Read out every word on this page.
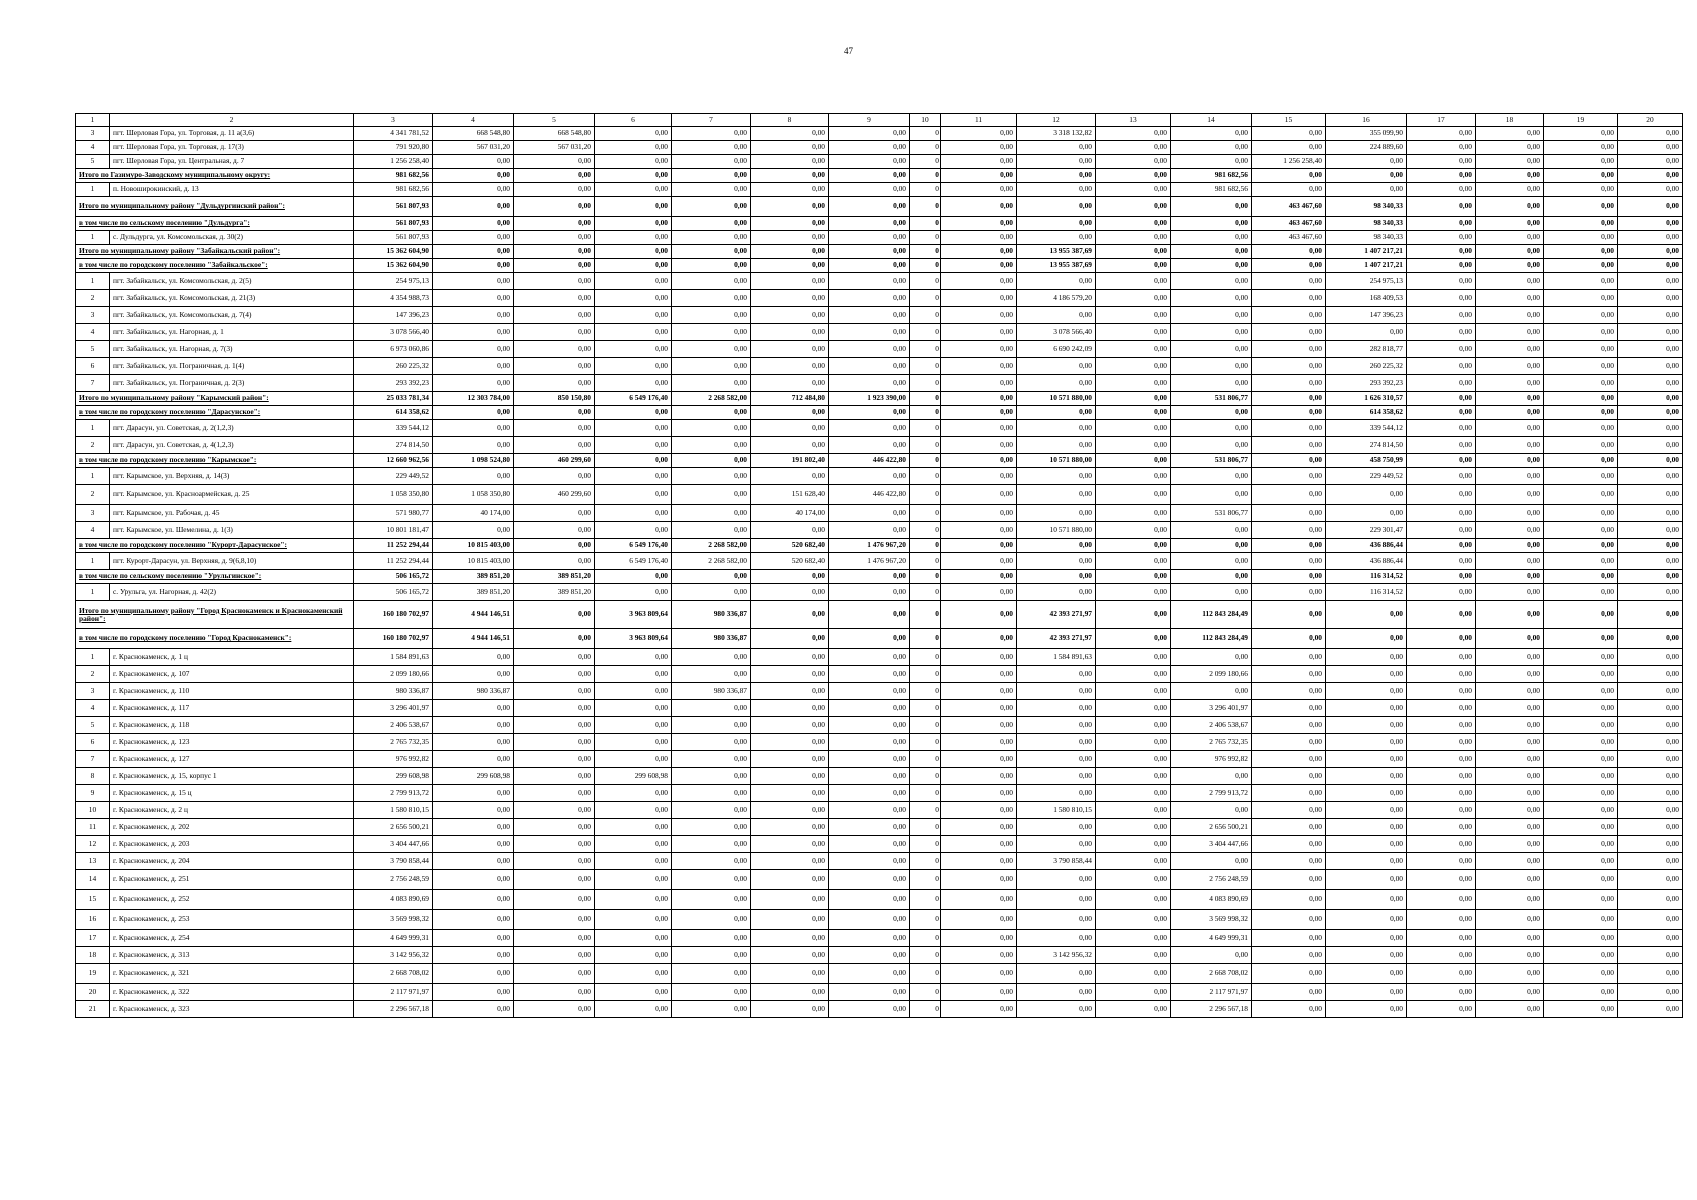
47
1	2	3	4	5	6	7	8	9	10	11	12	13	14	15	16	17	18	19	20
3	пгт. Шерловая Гора, ул. Торговая, д. 11 а(3,6)	4 341 781,52	668 548,80	668 548,80	0,00	0,00	0,00	0,00	0	0,00	3 318 132,82	0,00	0,00	0,00	355 099,90	0,00	0,00	0,00	0,00
4	пгт. Шерловая Гора, ул. Торговая, д. 17(3)	791 920,80	567 031,20	567 031,20	0,00	0,00	0,00	0,00	0	0,00	0,00	0,00	0,00	0,00	224 889,60	0,00	0,00	0,00	0,00
5	пгт. Шерловая Гора, ул. Центральная, д. 7	1 256 258,40	0,00	0,00	0,00	0,00	0,00	0,00	0	0,00	0,00	0,00	0,00	1 256 258,40	0,00	0,00	0,00	0,00	0,00
Итого по Газимуро-Заводскому муниципальному округу:		981 682,56	0,00	0,00	0,00	0,00	0,00	0,00	0	0,00	0,00	0,00	981 682,56	0,00	0,00	0,00	0,00	0,00	0,00
1	п. Новоширокинский, д. 13	981 682,56	0,00	0,00	0,00	0,00	0,00	0,00	0	0,00	0,00	0,00	981 682,56	0,00	0,00	0,00	0,00	0,00	0,00
Итого по муниципальному району "Дульдургинский район":		561 807,93	0,00	0,00	0,00	0,00	0,00	0,00	0	0,00	0,00	0,00	0,00	463 467,60	98 340,33	0,00	0,00	0,00	0,00
в том числе по сельскому поселению "Дульдурга":		561 807,93	0,00	0,00	0,00	0,00	0,00	0,00	0	0,00	0,00	0,00	0,00	463 467,60	98 340,33	0,00	0,00	0,00	0,00
1	с. Дульдурга, ул. Комсомольская, д. 30(2)	561 807,93	0,00	0,00	0,00	0,00	0,00	0,00	0	0,00	0,00	0,00	0,00	463 467,60	98 340,33	0,00	0,00	0,00	0,00
Итого по муниципальному району "Забайкальский район":		15 362 604,90	0,00	0,00	0,00	0,00	0,00	0,00	0	0,00	13 955 387,69	0,00	0,00	0,00	1 407 217,21	0,00	0,00	0,00	0,00
в том числе по городскому поселению "Забайкальское":		15 362 604,90	0,00	0,00	0,00	0,00	0,00	0,00	0	0,00	13 955 387,69	0,00	0,00	0,00	1 407 217,21	0,00	0,00	0,00	0,00
1	пгт. Забайкальск, ул. Комсомольская, д. 2(5)	254 975,13	0,00	0,00	0,00	0,00	0,00	0,00	0	0,00	0,00	0,00	0,00	0,00	254 975,13	0,00	0,00	0,00	0,00
2	пгт. Забайкальск, ул. Комсомольская, д. 21(3)	4 354 988,73	0,00	0,00	0,00	0,00	0,00	0,00	0	0,00	4 186 579,20	0,00	0,00	0,00	168 409,53	0,00	0,00	0,00	0,00
3	пгт. Забайкальск, ул. Комсомольская, д. 7(4)	147 396,23	0,00	0,00	0,00	0,00	0,00	0,00	0	0,00	0,00	0,00	0,00	0,00	147 396,23	0,00	0,00	0,00	0,00
4	пгт. Забайкальск, ул. Нагорная, д. 1	3 078 566,40	0,00	0,00	0,00	0,00	0,00	0,00	0	0,00	3 078 566,40	0,00	0,00	0,00	0,00	0,00	0,00	0,00	0,00
5	пгт. Забайкальск, ул. Нагорная, д. 7(3)	6 973 060,86	0,00	0,00	0,00	0,00	0,00	0,00	0	0,00	6 690 242,09	0,00	0,00	0,00	282 818,77	0,00	0,00	0,00	0,00
6	пгт. Забайкальск, ул. Пограничная, д. 1(4)	260 225,32	0,00	0,00	0,00	0,00	0,00	0,00	0	0,00	0,00	0,00	0,00	0,00	260 225,32	0,00	0,00	0,00	0,00
7	пгт. Забайкальск, ул. Пограничная, д. 2(3)	293 392,23	0,00	0,00	0,00	0,00	0,00	0,00	0	0,00	0,00	0,00	0,00	0,00	293 392,23	0,00	0,00	0,00	0,00
Итого по муниципальному району "Карымский район":		25 033 781,34	12 303 784,00	850 150,80	6 549 176,40	2 268 582,00	712 484,80	1 923 390,00	0	0,00	10 571 880,00	0,00	531 806,77	0,00	1 626 310,57	0,00	0,00	0,00	0,00
в том числе по городскому поселению "Дарасунское":		614 358,62	0,00	0,00	0,00	0,00	0,00	0,00	0	0,00	0,00	0,00	0,00	0,00	614 358,62	0,00	0,00	0,00	0,00
1	пгт. Дарасун, ул. Советская, д. 2(1,2,3)	339 544,12	0,00	0,00	0,00	0,00	0,00	0,00	0	0,00	0,00	0,00	0,00	0,00	339 544,12	0,00	0,00	0,00	0,00
2	пгт. Дарасун, ул. Советская, д. 4(1,2,3)	274 814,50	0,00	0,00	0,00	0,00	0,00	0,00	0	0,00	0,00	0,00	0,00	0,00	274 814,50	0,00	0,00	0,00	0,00
в том числе по городскому поселению "Карымское":		12 660 962,56	1 098 524,80	460 299,60	0,00	0,00	191 802,40	446 422,80	0	0,00	10 571 880,00	0,00	531 806,77	0,00	458 750,99	0,00	0,00	0,00	0,00
1	пгт. Карымское, ул. Верхняя, д. 14(3)	229 449,52	0,00	0,00	0,00	0,00	0,00	0,00	0	0,00	0,00	0,00	0,00	0,00	229 449,52	0,00	0,00	0,00	0,00
2	пгт. Карымское, ул. Красноармейская, д. 25	1 058 350,80	1 058 350,80	460 299,60	0,00	0,00	151 628,40	446 422,80	0	0,00	0,00	0,00	0,00	0,00	0,00	0,00	0,00	0,00	0,00
3	пгт. Карымское, ул. Рабочая, д. 45	571 980,77	40 174,00	0,00	0,00	0,00	40 174,00	0,00	0	0,00	0,00	0,00	531 806,77	0,00	0,00	0,00	0,00	0,00	0,00
4	пгт. Карымское, ул. Шемелина, д. 1(3)	10 801 181,47	0,00	0,00	0,00	0,00	0,00	0,00	0	0,00	10 571 880,00	0,00	0,00	0,00	229 301,47	0,00	0,00	0,00	0,00
в том числе по городскому поселению "Курорт-Дарасунское":		11 252 294,44	10 815 403,00	0,00	6 549 176,40	2 268 582,00	520 682,40	1 476 967,20	0	0,00	0,00	0,00	0,00	0,00	436 886,44	0,00	0,00	0,00	0,00
1	пгт. Курорт-Дарасун, ул. Верхняя, д. 9(6,8,10)	11 252 294,44	10 815 403,00	0,00	6 549 176,40	2 268 582,00	520 682,40	1 476 967,20	0	0,00	0,00	0,00	0,00	0,00	436 886,44	0,00	0,00	0,00	0,00
в том числе по сельскому поселению "Урульгинское":		506 165,72	389 851,20	389 851,20	0,00	0,00	0,00	0,00	0	0,00	0,00	0,00	0,00	0,00	116 314,52	0,00	0,00	0,00	0,00
1	с. Урульга, ул. Нагорная, д. 42(2)	506 165,72	389 851,20	389 851,20	0,00	0,00	0,00	0,00	0	0,00	0,00	0,00	0,00	0,00	116 314,52	0,00	0,00	0,00	0,00
Итого по муниципальному району "Город Краснокаменск и Краснокаменский район":		160 180 702,97	4 944 146,51	0,00	3 963 809,64	980 336,87	0,00	0,00	0	0,00	42 393 271,97	0,00	112 843 284,49	0,00	0,00	0,00	0,00	0,00	0,00
в том числе по городскому поселению "Город Краснокаменск":		160 180 702,97	4 944 146,51	0,00	3 963 809,64	980 336,87	0,00	0,00	0	0,00	42 393 271,97	0,00	112 843 284,49	0,00	0,00	0,00	0,00	0,00	0,00
1	г. Краснокаменск, д. 1 ц	1 584 891,63	0,00	0,00	0,00	0,00	0,00	0,00	0	0,00	1 584 891,63	0,00	0,00	0,00	0,00	0,00	0,00	0,00	0,00
2	г. Краснокаменск, д. 107	2 099 180,66	0,00	0,00	0,00	0,00	0,00	0,00	0	0,00	0,00	0,00	2 099 180,66	0,00	0,00	0,00	0,00	0,00	0,00
3	г. Краснокаменск, д. 110	980 336,87	980 336,87	0,00	0,00	980 336,87	0,00	0,00	0	0,00	0,00	0,00	0,00	0,00	0,00	0,00	0,00	0,00	0,00
4	г. Краснокаменск, д. 117	3 296 401,97	0,00	0,00	0,00	0,00	0,00	0,00	0	0,00	0,00	0,00	3 296 401,97	0,00	0,00	0,00	0,00	0,00	0,00
5	г. Краснокаменск, д. 118	2 406 538,67	0,00	0,00	0,00	0,00	0,00	0,00	0	0,00	0,00	0,00	2 406 538,67	0,00	0,00	0,00	0,00	0,00	0,00
6	г. Краснокаменск, д. 123	2 765 732,35	0,00	0,00	0,00	0,00	0,00	0,00	0	0,00	0,00	0,00	2 765 732,35	0,00	0,00	0,00	0,00	0,00	0,00
7	г. Краснокаменск, д. 127	976 992,82	0,00	0,00	0,00	0,00	0,00	0,00	0	0,00	0,00	0,00	976 992,82	0,00	0,00	0,00	0,00	0,00	0,00
8	г. Краснокаменск, д. 15, корпус 1	299 608,98	299 608,98	0,00	299 608,98	0,00	0,00	0,00	0	0,00	0,00	0,00	0,00	0,00	0,00	0,00	0,00	0,00	0,00
9	г. Краснокаменск, д. 15 ц	2 799 913,72	0,00	0,00	0,00	0,00	0,00	0,00	0	0,00	0,00	0,00	2 799 913,72	0,00	0,00	0,00	0,00	0,00	0,00
10	г. Краснокаменск, д. 2 ц	1 580 810,15	0,00	0,00	0,00	0,00	0,00	0,00	0	0,00	1 580 810,15	0,00	0,00	0,00	0,00	0,00	0,00	0,00	0,00
11	г. Краснокаменск, д. 202	2 656 500,21	0,00	0,00	0,00	0,00	0,00	0,00	0	0,00	0,00	0,00	2 656 500,21	0,00	0,00	0,00	0,00	0,00	0,00
12	г. Краснокаменск, д. 203	3 404 447,66	0,00	0,00	0,00	0,00	0,00	0,00	0	0,00	0,00	0,00	3 404 447,66	0,00	0,00	0,00	0,00	0,00	0,00
13	г. Краснокаменск, д. 204	3 790 858,44	0,00	0,00	0,00	0,00	0,00	0,00	0	0,00	3 790 858,44	0,00	0,00	0,00	0,00	0,00	0,00	0,00	0,00
14	г. Краснокаменск, д. 251	2 756 248,59	0,00	0,00	0,00	0,00	0,00	0,00	0	0,00	0,00	0,00	2 756 248,59	0,00	0,00	0,00	0,00	0,00	0,00
15	г. Краснокаменск, д. 252	4 083 890,69	0,00	0,00	0,00	0,00	0,00	0,00	0	0,00	0,00	0,00	4 083 890,69	0,00	0,00	0,00	0,00	0,00	0,00
16	г. Краснокаменск, д. 253	3 569 998,32	0,00	0,00	0,00	0,00	0,00	0,00	0	0,00	0,00	0,00	3 569 998,32	0,00	0,00	0,00	0,00	0,00	0,00
17	г. Краснокаменск, д. 254	4 649 999,31	0,00	0,00	0,00	0,00	0,00	0,00	0	0,00	0,00	0,00	4 649 999,31	0,00	0,00	0,00	0,00	0,00	0,00
18	г. Краснокаменск, д. 313	3 142 956,32	0,00	0,00	0,00	0,00	0,00	0,00	0	0,00	3 142 956,32	0,00	0,00	0,00	0,00	0,00	0,00	0,00	0,00
19	г. Краснокаменск, д. 321	2 668 708,02	0,00	0,00	0,00	0,00	0,00	0,00	0	0,00	0,00	0,00	2 668 708,02	0,00	0,00	0,00	0,00	0,00	0,00
20	г. Краснокаменск, д. 322	2 117 971,97	0,00	0,00	0,00	0,00	0,00	0,00	0	0,00	0,00	0,00	2 117 971,97	0,00	0,00	0,00	0,00	0,00	0,00
21	г. Краснокаменск, д. 323	2 296 567,18	0,00	0,00	0,00	0,00	0,00	0,00	0	0,00	0,00	0,00	2 296 567,18	0,00	0,00	0,00	0,00	0,00	0,00
